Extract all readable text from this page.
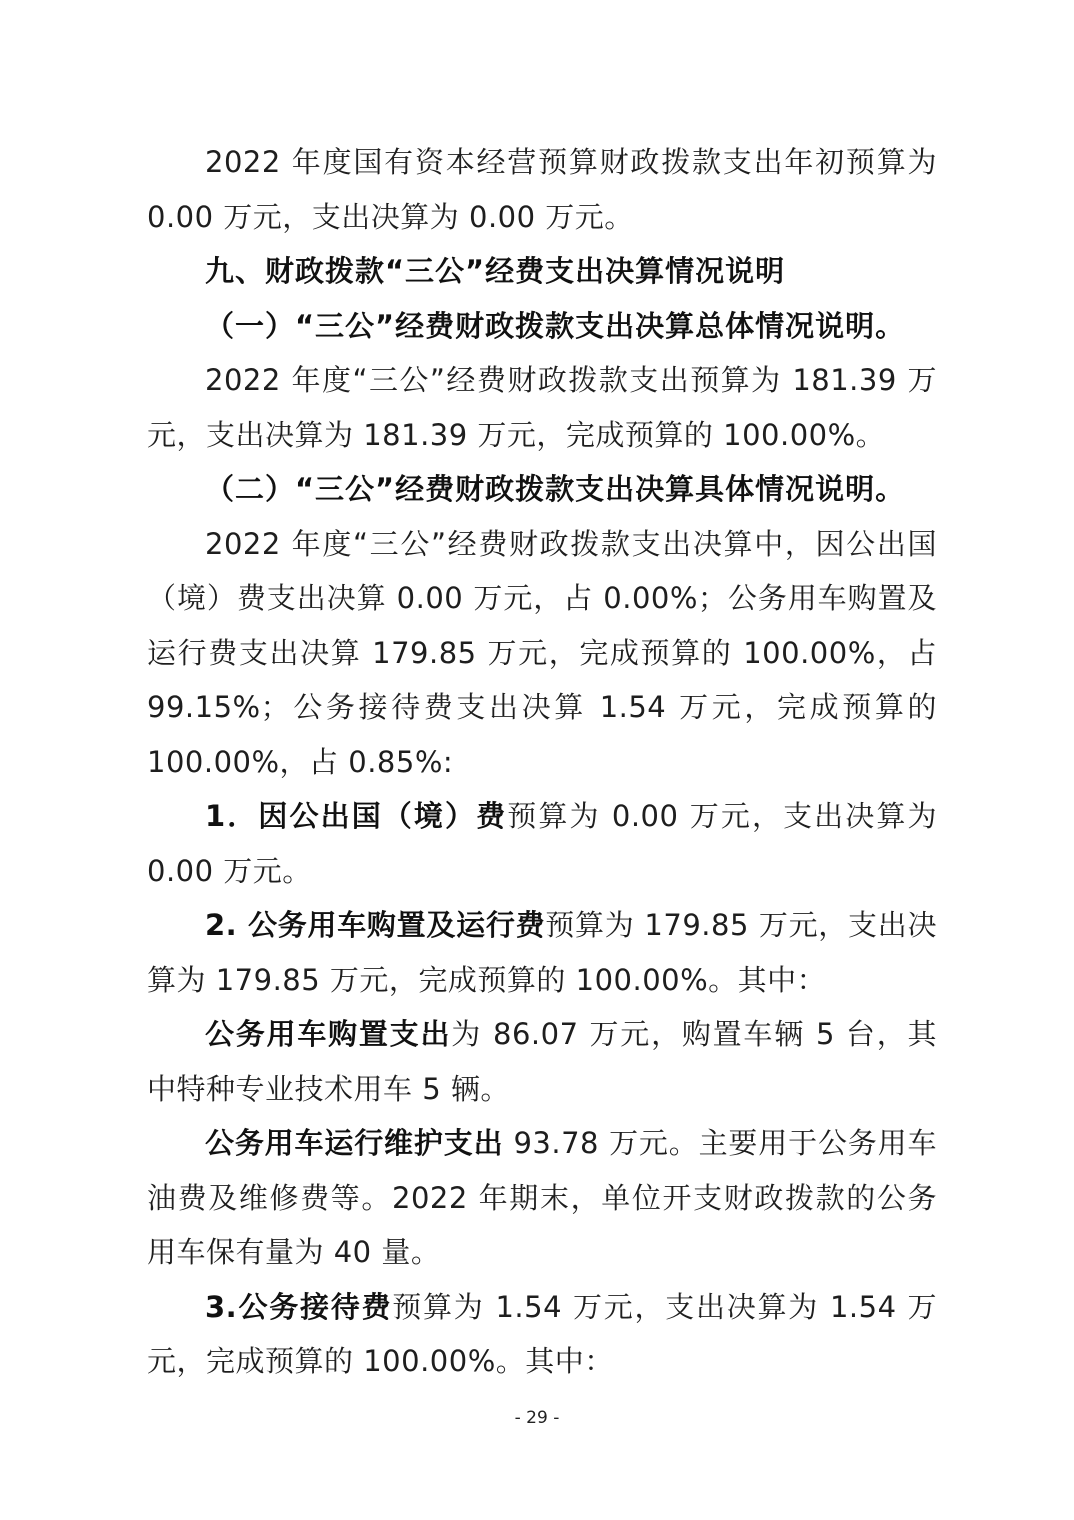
2022 年度国有资本经营预算财政拨款支出年初预算为 0.00 万元，支出决算为 0.00 万元。

九、财政拨款“三公”经费支出决算情况说明

（一）“三公”经费财政拨款支出决算总体情况说明。

2022 年度“三公”经费财政拨款支出预算为 181.39 万元，支出决算为 181.39 万元，完成预算的 100.00%。

（二）“三公”经费财政拨款支出决算具体情况说明。

2022 年度“三公”经费财政拨款支出决算中，因公出国（境）费支出决算 0.00 万元，占 0.00%；公务用车购置及运行费支出决算 179.85 万元，完成预算的 100.00%，占 99.15%；公务接待费支出决算 1.54 万元，完成预算的 100.00%，占 0.85%:

1．因公出国（境）费预算为 0.00 万元，支出决算为 0.00 万元。

2. 公务用车购置及运行费预算为 179.85 万元，支出决算为 179.85 万元，完成预算的 100.00%。其中：

公务用车购置支出为 86.07 万元，购置车辆 5 台，其中特种专业技术用车 5 辆。

公务用车运行维护支出 93.78 万元。主要用于公务用车油费及维修费等。2022 年期末，单位开支财政拨款的公务用车保有量为 40 量。

3.公务接待费预算为 1.54 万元，支出决算为 1.54 万元，完成预算的 100.00%。其中：

- 29 -
